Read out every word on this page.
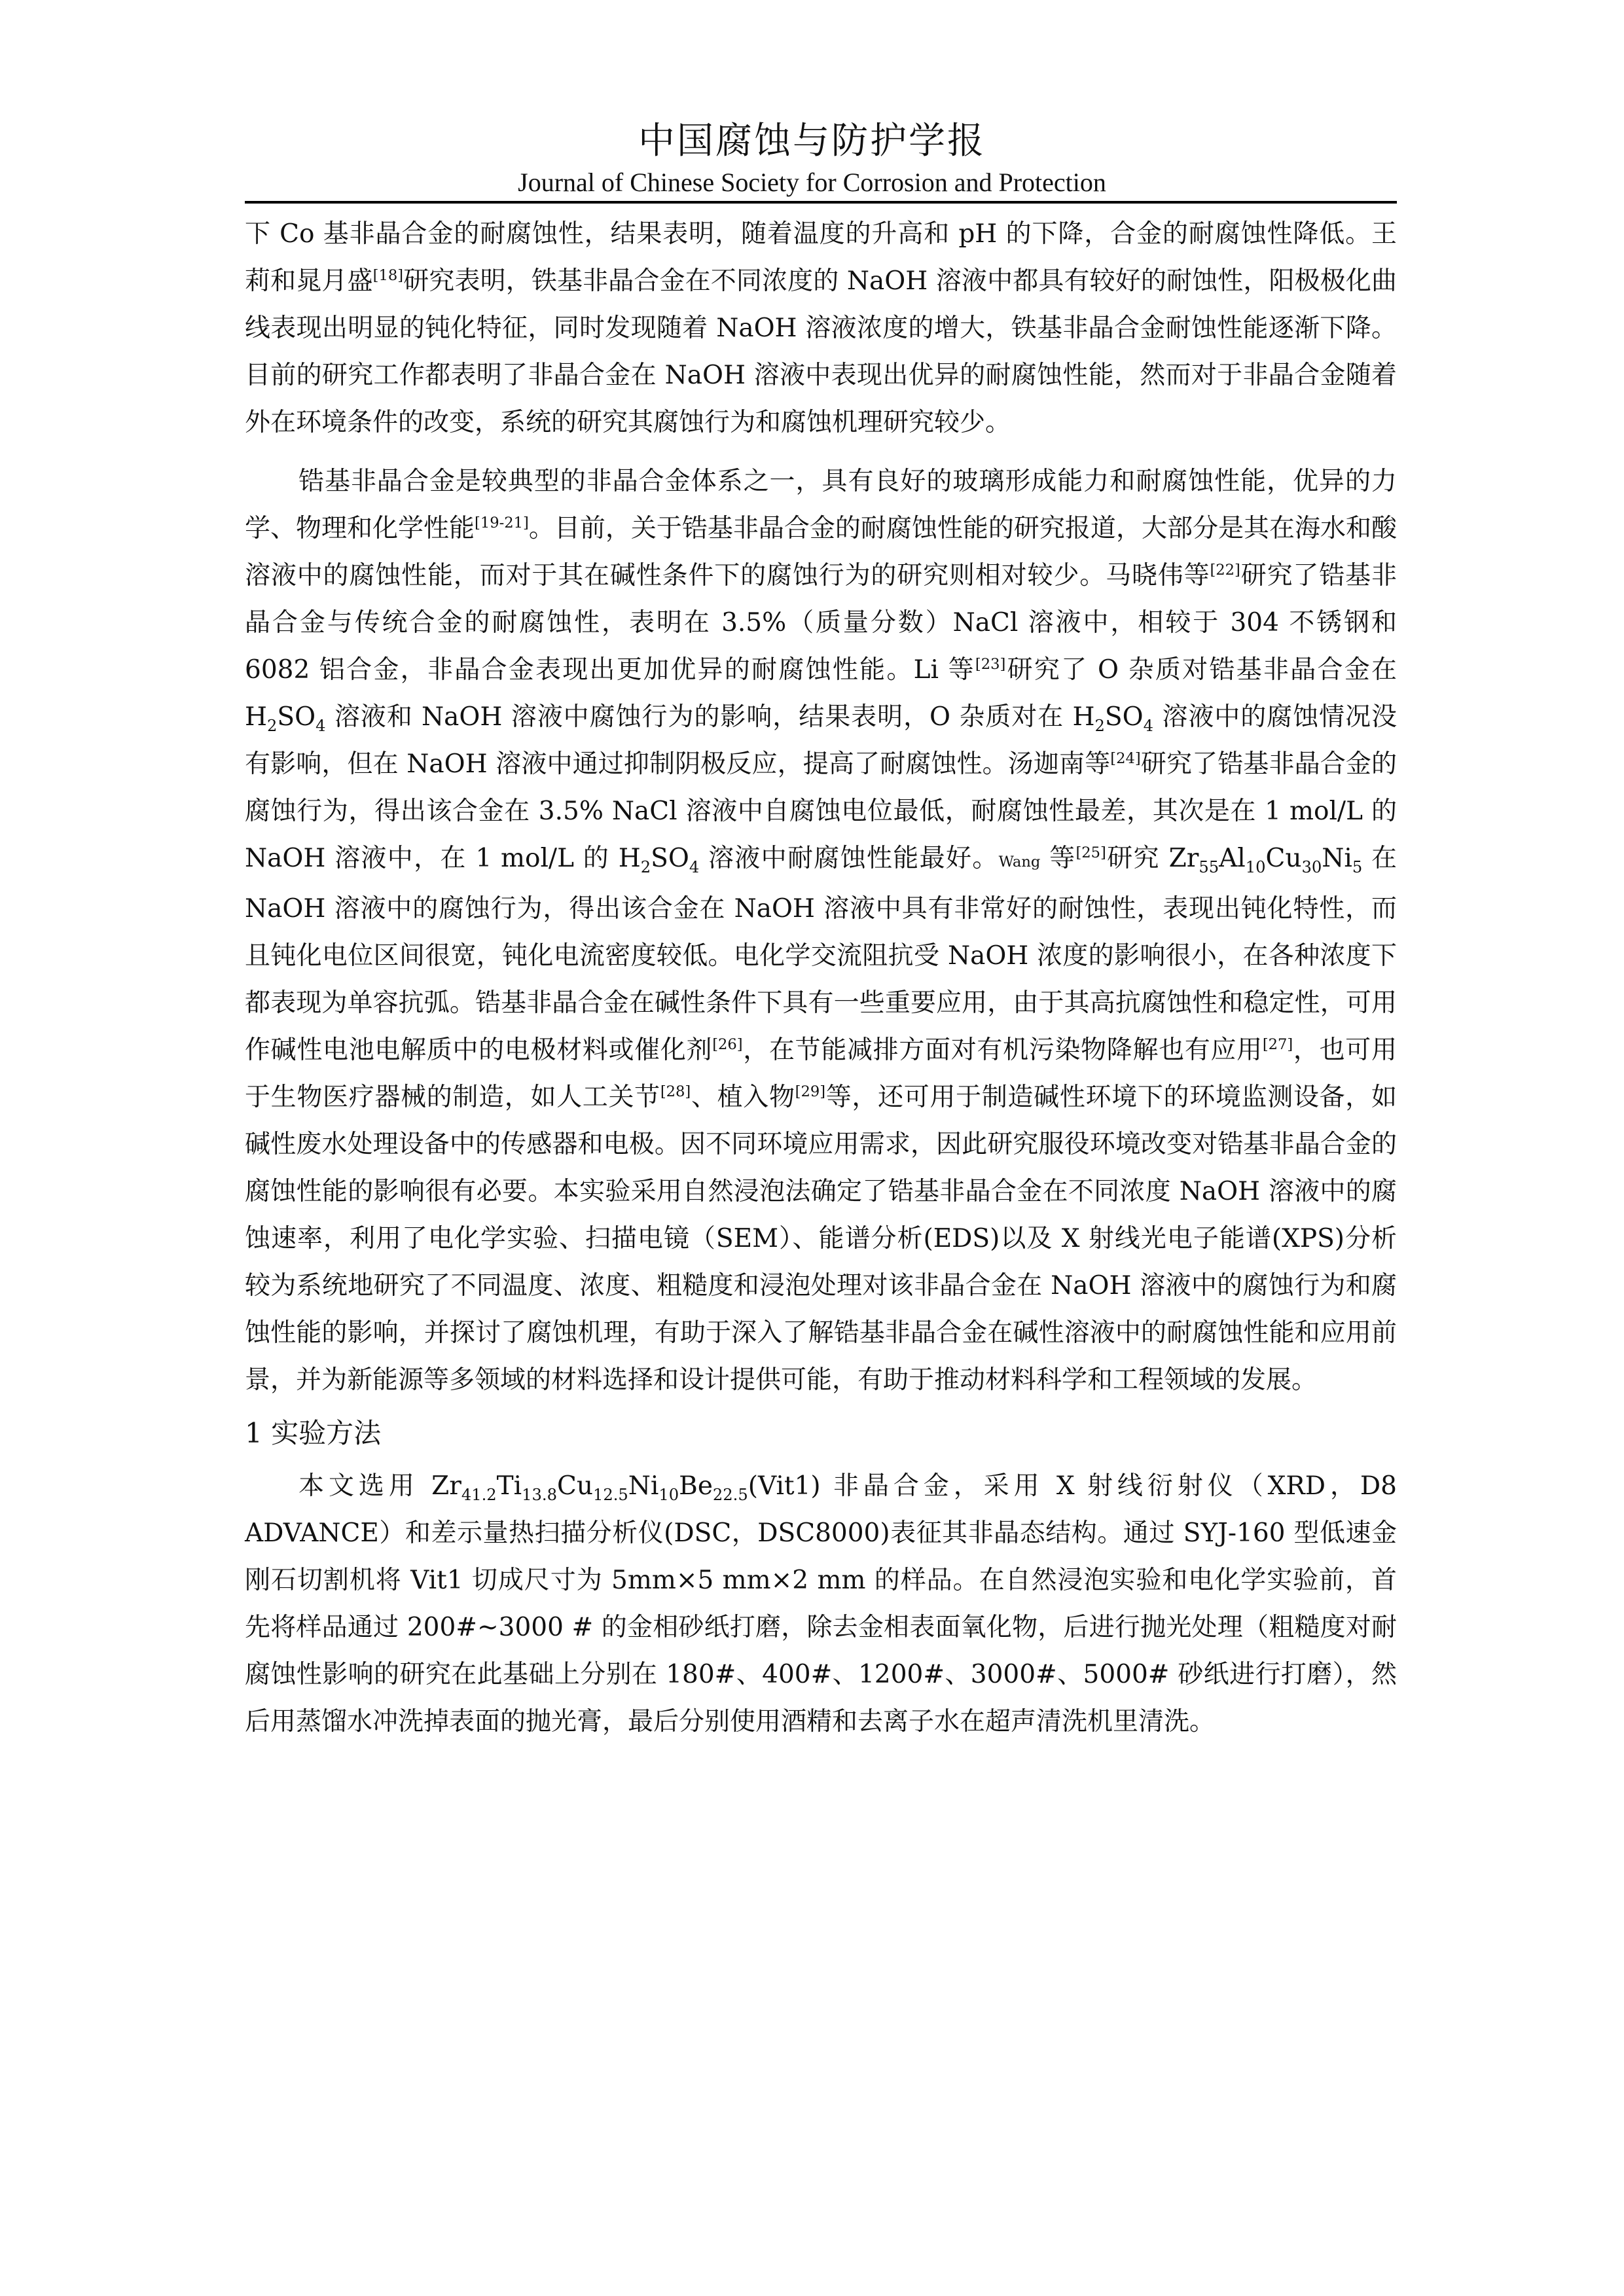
中国腐蚀与防护学报
Journal of Chinese Society for Corrosion and Protection

下 Co 基非晶合金的耐腐蚀性，结果表明，随着温度的升高和 pH 的下降，合金的耐腐蚀性降低。王莉和晁月盛[18]研究表明，铁基非晶合金在不同浓度的 NaOH 溶液中都具有较好的耐蚀性，阳极极化曲线表现出明显的钝化特征，同时发现随着 NaOH 溶液浓度的增大，铁基非晶合金耐蚀性能逐渐下降。目前的研究工作都表明了非晶合金在 NaOH 溶液中表现出优异的耐腐蚀性能，然而对于非晶合金随着外在环境条件的改变，系统的研究其腐蚀行为和腐蚀机理研究较少。

锆基非晶合金是较典型的非晶合金体系之一，具有良好的玻璃形成能力和耐腐蚀性能，优异的力学、物理和化学性能[19-21]。目前，关于锆基非晶合金的耐腐蚀性能的研究报道，大部分是其在海水和酸溶液中的腐蚀性能，而对于其在碱性条件下的腐蚀行为的研究则相对较少。马晓伟等[22]研究了锆基非晶合金与传统合金的耐腐蚀性，表明在 3.5%（质量分数）NaCl 溶液中，相较于 304 不锈钢和 6082 铝合金，非晶合金表现出更加优异的耐腐蚀性能。Li 等[23]研究了 O 杂质对锆基非晶合金在 $H_2SO_4$ 溶液和 NaOH 溶液中腐蚀行为的影响，结果表明，O 杂质对在 $H_2SO_4$ 溶液中的腐蚀情况没有影响，但在 NaOH 溶液中通过抑制阴极反应，提高了耐腐蚀性。汤迦南等[24]研究了锆基非晶合金的腐蚀行为，得出该合金在 3.5% NaCl 溶液中自腐蚀电位最低，耐腐蚀性最差，其次是在 1 mol/L 的 NaOH 溶液中，在 1 mol/L 的 $H_2SO_4$ 溶液中耐腐蚀性能最好。Wang 等[25]研究 $Zr_{55}Al_{10}Cu_{30}Ni_5$ 在 NaOH 溶液中的腐蚀行为，得出该合金在 NaOH 溶液中具有非常好的耐蚀性，表现出钝化特性，而且钝化电位区间很宽，钝化电流密度较低。电化学交流阻抗受 NaOH 浓度的影响很小，在各种浓度下都表现为单容抗弧。锆基非晶合金在碱性条件下具有一些重要应用，由于其高抗腐蚀性和稳定性，可用作碱性电池电解质中的电极材料或催化剂[26]，在节能减排方面对有机污染物降解也有应用[27]，也可用于生物医疗器械的制造，如人工关节[28]、植入物[29]等，还可用于制造碱性环境下的环境监测设备，如碱性废水处理设备中的传感器和电极。因不同环境应用需求，因此研究服役环境改变对锆基非晶合金的腐蚀性能的影响很有必要。本实验采用自然浸泡法确定了锆基非晶合金在不同浓度 NaOH 溶液中的腐蚀速率，利用了电化学实验、扫描电镜（SEM）、能谱分析(EDS)以及 X 射线光电子能谱(XPS)分析较为系统地研究了不同温度、浓度、粗糙度和浸泡处理对该非晶合金在 NaOH 溶液中的腐蚀行为和腐蚀性能的影响，并探讨了腐蚀机理，有助于深入了解锆基非晶合金在碱性溶液中的耐腐蚀性能和应用前景，并为新能源等多领域的材料选择和设计提供可能，有助于推动材料科学和工程领域的发展。

1 实验方法

本文选用 $Zr_{41.2}Ti_{13.8}Cu_{12.5}Ni_{10}Be_{22.5}(Vit1)$ 非晶合金，采用 X 射线衍射仪（XRD，D8 ADVANCE）和差示量热扫描分析仪(DSC，DSC8000)表征其非晶态结构。通过 SYJ-160 型低速金刚石切割机将 Vit1 切成尺寸为 5mm×5 mm×2 mm 的样品。在自然浸泡实验和电化学实验前，首先将样品通过 200#~3000 # 的金相砂纸打磨，除去金相表面氧化物，后进行抛光处理（粗糙度对耐腐蚀性影响的研究在此基础上分别在 180#、400#、1200#、3000#、5000# 砂纸进行打磨），然后用蒸馏水冲洗掉表面的抛光膏，最后分别使用酒精和去离子水在超声清洗机里清洗。
